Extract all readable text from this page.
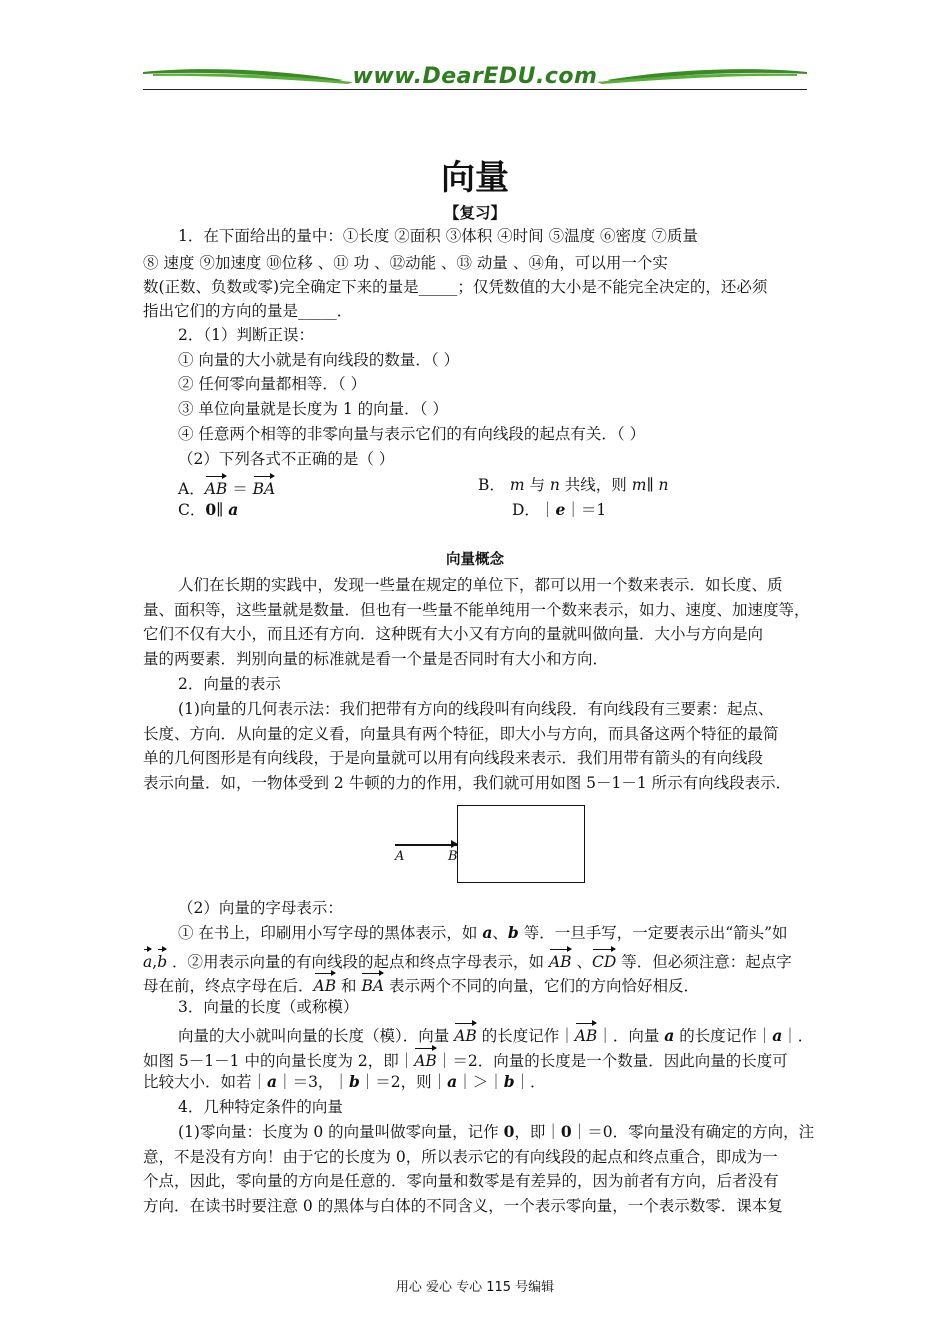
www.DearEDU.com
向量
【复习】
1．在下面给出的量中：①长度 ②面积 ③体积 ④时间 ⑤温度 ⑥密度 ⑦质量
⑧ 速度 ⑨加速度 ⑩位移 、⑪ 功 、⑫动能 、⑬ 动量 、⑭角，可以用一个实
数(正数、负数或零)完全确定下来的量是_____；仅凭数值的大小是不能完全决定的，还必须
指出它们的方向的量是_____．
2．（1）判断正误：
① 向量的大小就是有向线段的数量．（ ）
② 任何零向量都相等．（ ）
③ 单位向量就是长度为 1 的向量．（ ）
④ 任意两个相等的非零向量与表示它们的有向线段的起点有关．（ ）
（2）下列各式不正确的是（ ）
A．AB ＝ BA	B． m 与 n 共线，则 m∥ n
C．0∥ a	D．｜e｜＝1
向量概念
人们在长期的实践中，发现一些量在规定的单位下，都可以用一个数来表示．如长度、质
量、面积等，这些量就是数量．但也有一些量不能单纯用一个数来表示，如力、速度、加速度等，
它们不仅有大小，而且还有方向．这种既有大小又有方向的量就叫做向量．大小与方向是向
量的两要素．判别向量的标准就是看一个量是否同时有大小和方向．
2．向量的表示
(1)向量的几何表示法：我们把带有方向的线段叫有向线段．有向线段有三要素：起点、
长度、方向．从向量的定义看，向量具有两个特征，即大小与方向，而具备这两个特征的最简
单的几何图形是有向线段，于是向量就可以用有向线段来表示．我们用带有箭头的有向线段
表示向量．如，一物体受到 2 牛顿的力的作用，我们就可用如图 5－1－1 所示有向线段表示．
A	B
（2）向量的字母表示：
① 在书上，印刷用小写字母的黑体表示，如 a、b 等．一旦手写，一定要表示出“箭头”如
a,b ．②用表示向量的有向线段的起点和终点字母表示，如 AB 、CD 等．但必须注意：起点字
母在前，终点字母在后．AB 和 BA 表示两个不同的向量，它们的方向恰好相反．
3．向量的长度（或称模）
向量的大小就叫向量的长度（模）．向量 AB 的长度记作｜AB｜．向量 a 的长度记作｜a｜．
如图 5－1－1 中的向量长度为 2，即｜AB｜＝2．向量的长度是一个数量．因此向量的长度可
比较大小．如若｜a｜＝3，｜b｜＝2，则｜a｜＞｜b｜．
4．几种特定条件的向量
(1)零向量：长度为 0 的向量叫做零向量，记作 0，即｜0｜＝0．零向量没有确定的方向，注
意，不是没有方向！由于它的长度为 0，所以表示它的有向线段的起点和终点重合，即成为一
个点，因此，零向量的方向是任意的．零向量和数零是有差异的，因为前者有方向，后者没有
方向．在读书时要注意 0 的黑体与白体的不同含义，一个表示零向量，一个表示数零．课本复
用心 爱心 专心 115 号编辑
